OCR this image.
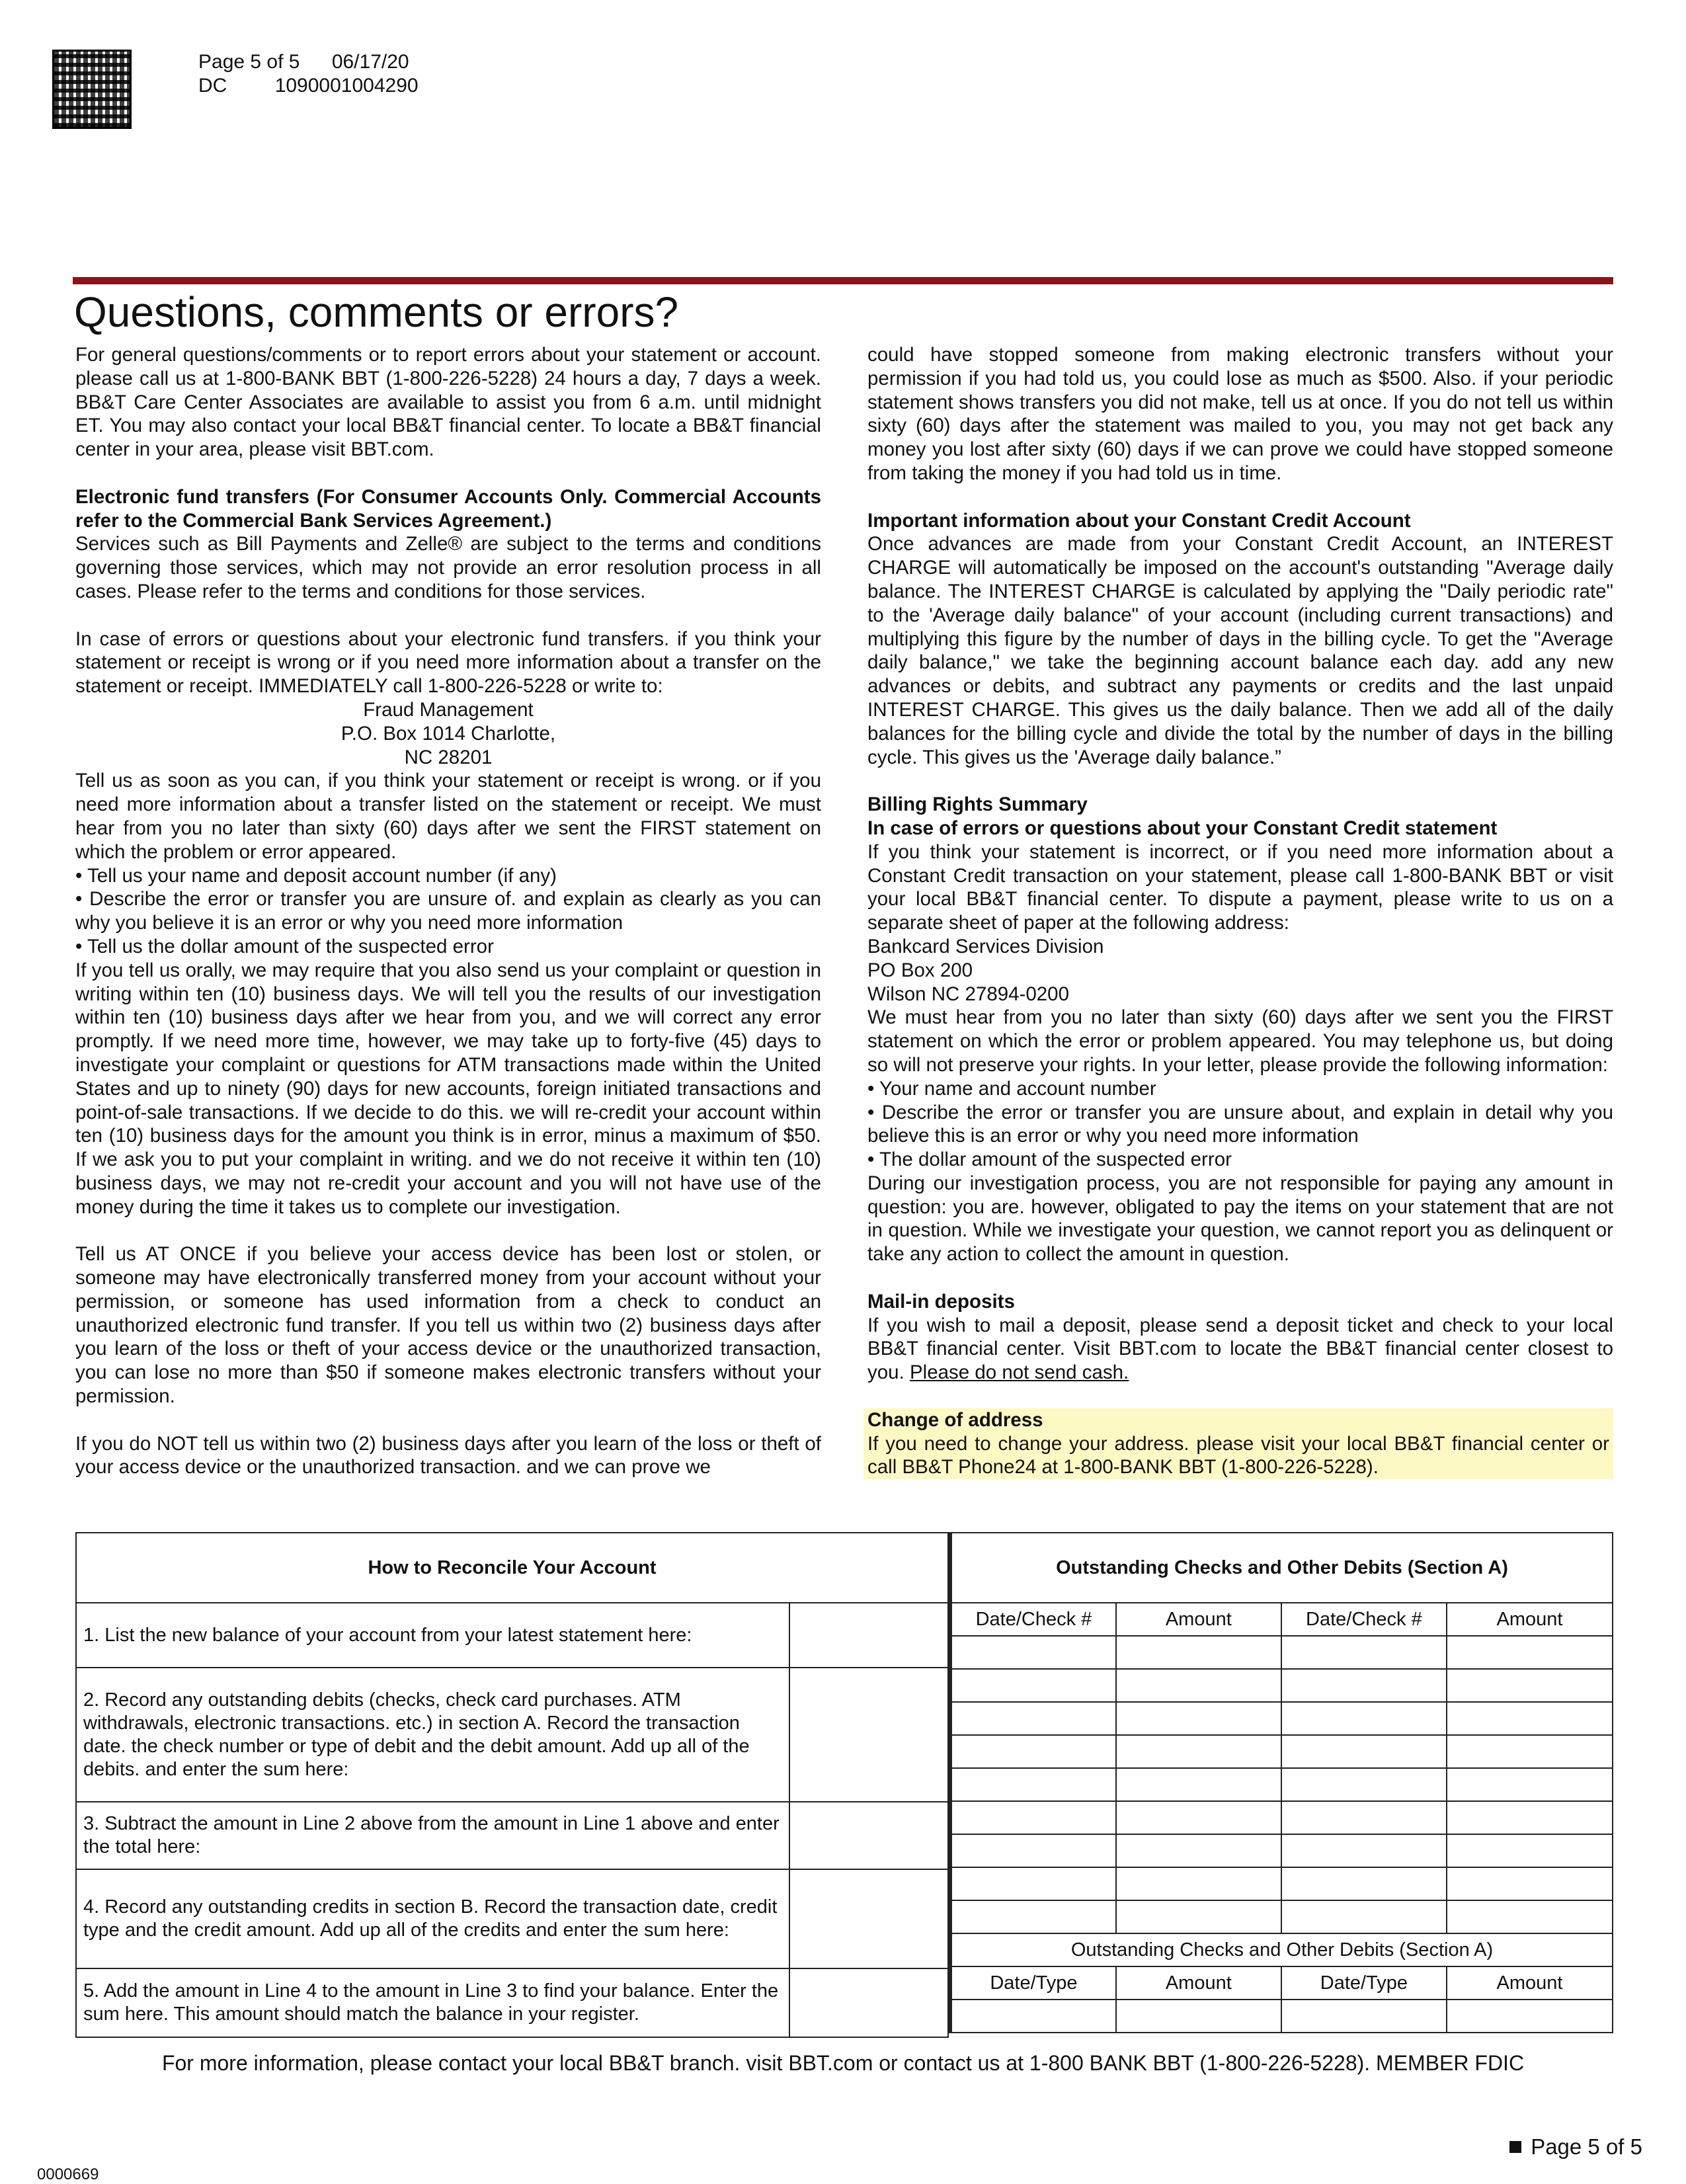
Page 5 of 5 06/17/20
DC 1090001004290
Questions, comments or errors?

For general questions/comments or to report errors about your statement or account. please call us at 1-800-BANK BBT (1-800-226-5228) 24 hours a day, 7 days a week. BB&T Care Center Associates are available to assist you from 6 a.m. until midnight ET. You may also contact your local BB&T financial center. To locate a BB&T financial center in your area, please visit BBT.com.

Electronic fund transfers (For Consumer Accounts Only. Commercial Accounts refer to the Commercial Bank Services Agreement.)

Services such as Bill Payments and Zelle® are subject to the terms and conditions governing those services, which may not provide an error resolution process in all cases. Please refer to the terms and conditions for those services.

In case of errors or questions about your electronic fund transfers. if you think your statement or receipt is wrong or if you need more information about a transfer on the statement or receipt. IMMEDIATELY call 1-800-226-5228 or write to:

Fraud Management

P.O. Box 1014 Charlotte,

NC 28201

Tell us as soon as you can, if you think your statement or receipt is wrong. or if you need more information about a transfer listed on the statement or receipt. We must hear from you no later than sixty (60) days after we sent the FIRST statement on which the problem or error appeared.

• Tell us your name and deposit account number (if any)

• Describe the error or transfer you are unsure of. and explain as clearly as you can why you believe it is an error or why you need more information

• Tell us the dollar amount of the suspected error

If you tell us orally, we may require that you also send us your complaint or question in writing within ten (10) business days. We will tell you the results of our investigation within ten (10) business days after we hear from you, and we will correct any error promptly. If we need more time, however, we may take up to forty-five (45) days to investigate your complaint or questions for ATM transactions made within the United States and up to ninety (90) days for new accounts, foreign initiated transactions and point-of-sale transactions. If we decide to do this. we will re-credit your account within ten (10) business days for the amount you think is in error, minus a maximum of $50. If we ask you to put your complaint in writing. and we do not receive it within ten (10) business days, we may not re-credit your account and you will not have use of the money during the time it takes us to complete our investigation.

Tell us AT ONCE if you believe your access device has been lost or stolen, or someone may have electronically transferred money from your account without your permission, or someone has used information from a check to conduct an unauthorized electronic fund transfer. If you tell us within two (2) business days after you learn of the loss or theft of your access device or the unauthorized transaction, you can lose no more than $50 if someone makes electronic transfers without your permission.

If you do NOT tell us within two (2) business days after you learn of the loss or theft of your access device or the unauthorized transaction. and we can prove we

could have stopped someone from making electronic transfers without your permission if you had told us, you could lose as much as $500. Also. if your periodic statement shows transfers you did not make, tell us at once. If you do not tell us within sixty (60) days after the statement was mailed to you, you may not get back any money you lost after sixty (60) days if we can prove we could have stopped someone from taking the money if you had told us in time.

Important information about your Constant Credit Account

Once advances are made from your Constant Credit Account, an INTEREST CHARGE will automatically be imposed on the account's outstanding "Average daily balance. The INTEREST CHARGE is calculated by applying the "Daily periodic rate" to the 'Average daily balance" of your account (including current transactions) and multiplying this figure by the number of days in the billing cycle. To get the "Average daily balance," we take the beginning account balance each day. add any new advances or debits, and subtract any payments or credits and the last unpaid INTEREST CHARGE. This gives us the daily balance. Then we add all of the daily balances for the billing cycle and divide the total by the number of days in the billing cycle. This gives us the 'Average daily balance.”

Billing Rights Summary

In case of errors or questions about your Constant Credit statement

If you think your statement is incorrect, or if you need more information about a Constant Credit transaction on your statement, please call 1-800-BANK BBT or visit your local BB&T financial center. To dispute a payment, please write to us on a separate sheet of paper at the following address:

Bankcard Services Division

PO Box 200

Wilson NC 27894-0200

We must hear from you no later than sixty (60) days after we sent you the FIRST statement on which the error or problem appeared. You may telephone us, but doing so will not preserve your rights. In your letter, please provide the following information:

• Your name and account number

• Describe the error or transfer you are unsure about, and explain in detail why you believe this is an error or why you need more information

• The dollar amount of the suspected error

During our investigation process, you are not responsible for paying any amount in question: you are. however, obligated to pay the items on your statement that are not in question. While we investigate your question, we cannot report you as delinquent or take any action to collect the amount in question.

Mail-in deposits

If you wish to mail a deposit, please send a deposit ticket and check to your local BB&T financial center. Visit BBT.com to locate the BB&T financial center closest to you. Please do not send cash.

Change of address

If you need to change your address. please visit your local BB&T financial center or call BB&T Phone24 at 1-800-BANK BBT (1-800-226-5228).

How to Reconcile Your Account	
1. List the new balance of your account from your latest statement here:	
2. Record any outstanding debits (checks, check card purchases. ATM withdrawals, electronic transactions. etc.) in section A. Record the transaction date. the check number or type of debit and the debit amount. Add up all of the debits. and enter the sum here:	
3. Subtract the amount in Line 2 above from the amount in Line 1 above and enter the total here:	
4. Record any outstanding credits in section B. Record the transaction date, credit type and the credit amount. Add up all of the credits and enter the sum here:	
5. Add the amount in Line 4 to the amount in Line 3 to find your balance. Enter the sum here. This amount should match the balance in your register.	
Outstanding Checks and Other Debits (Section A)			
Date/Check #	Amount	Date/Check #	Amount

Outstanding Checks and Other Debits (Section A)			
Date/Type	Amount	Date/Type	Amount

For more information, please contact your local BB&T branch. visit BBT.com or contact us at 1-800 BANK BBT (1-800-226-5228). MEMBER FDIC
Page 5 of 5
0000669
